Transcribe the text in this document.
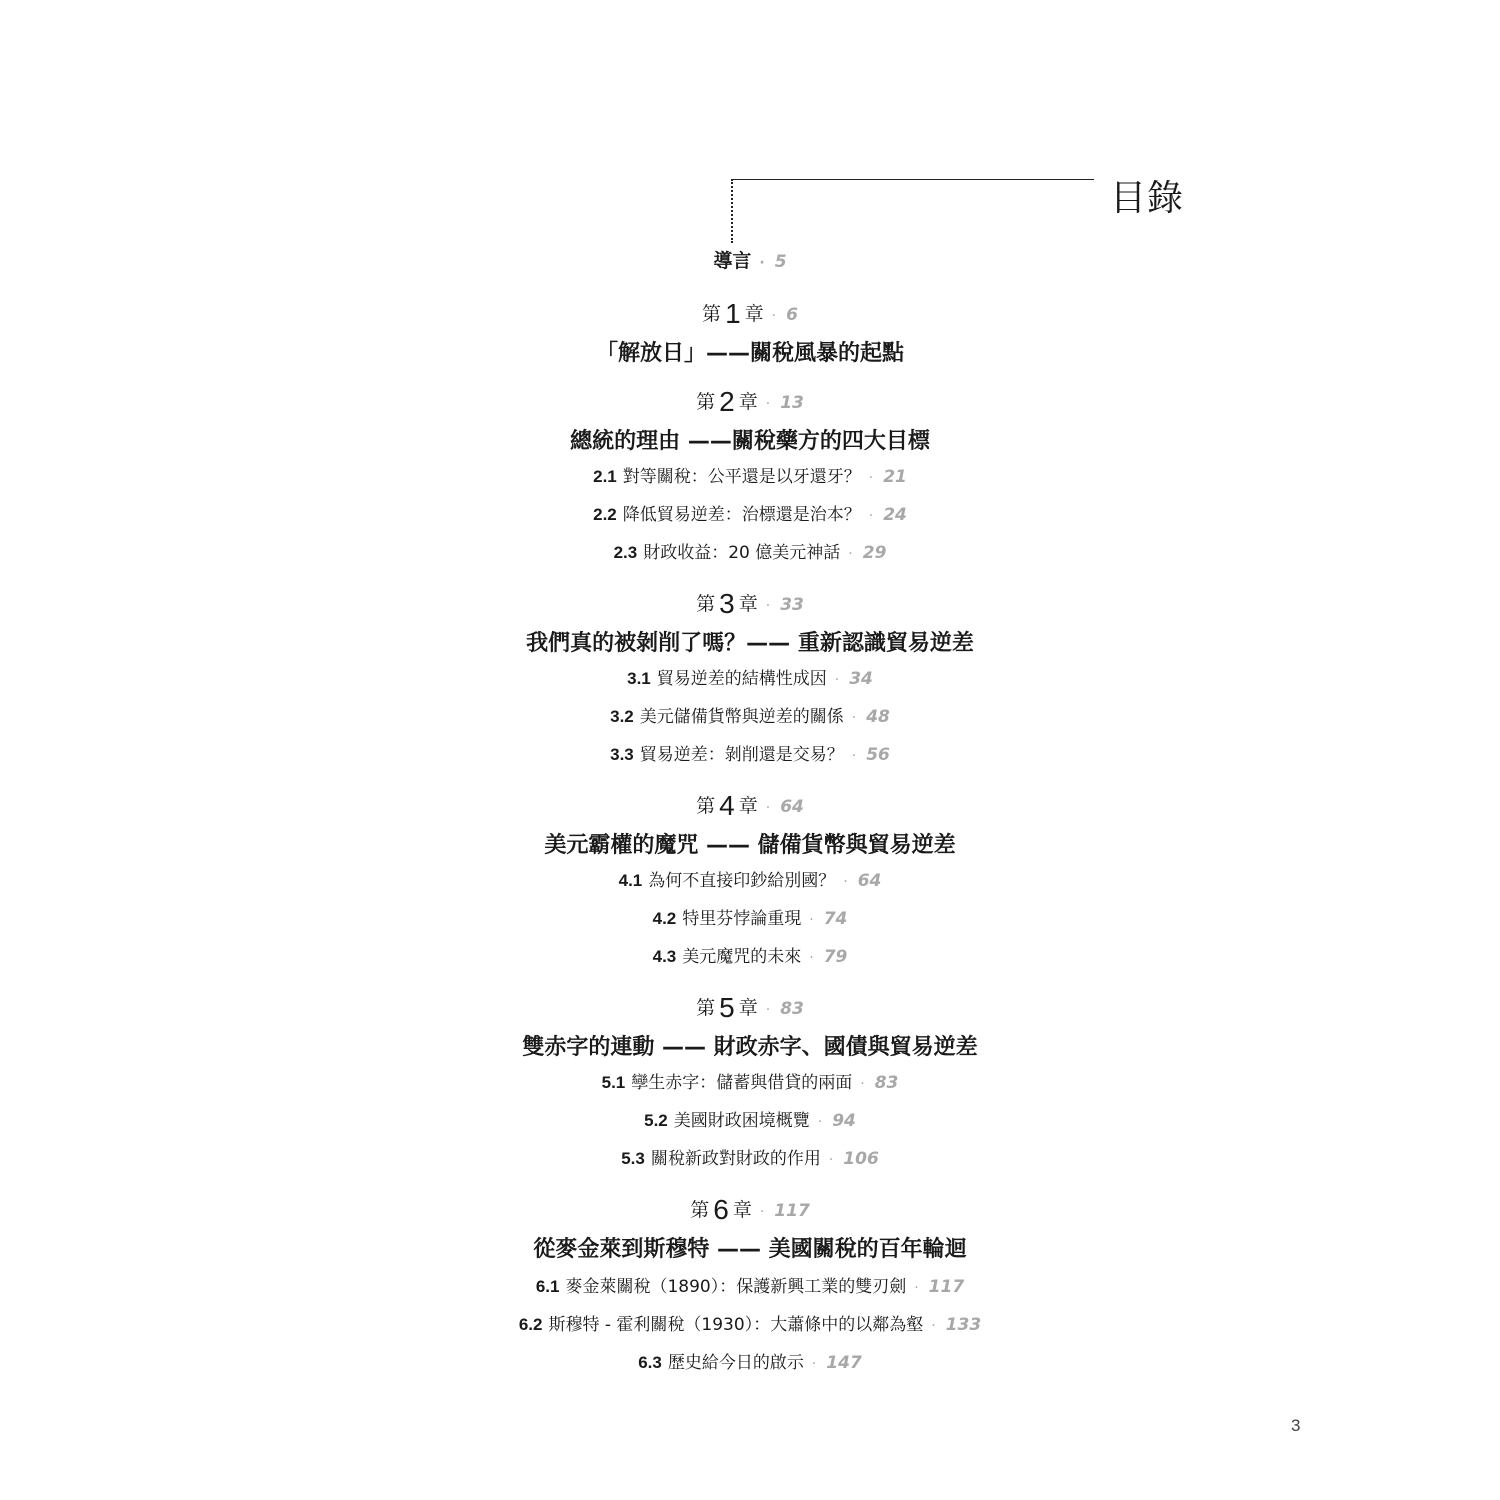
目錄
導言 · 5
第 1 章 · 6
「解放日」——關稅風暴的起點
第 2 章 · 13
總統的理由 ——關稅藥方的四大目標
2.1 對等關稅：公平還是以牙還牙？ · 21
2.2 降低貿易逆差：治標還是治本？ · 24
2.3 財政收益：20 億美元神話 · 29
第 3 章 · 33
我們真的被剝削了嗎？—— 重新認識貿易逆差
3.1 貿易逆差的結構性成因 · 34
3.2 美元儲備貨幣與逆差的關係 · 48
3.3 貿易逆差：剝削還是交易？ · 56
第 4 章 · 64
美元霸權的魔咒 —— 儲備貨幣與貿易逆差
4.1 為何不直接印鈔給別國？ · 64
4.2 特里芬悖論重現 · 74
4.3 美元魔咒的未來 · 79
第 5 章 · 83
雙赤字的連動 —— 財政赤字、國債與貿易逆差
5.1 孿生赤字：儲蓄與借貸的兩面 · 83
5.2 美國財政困境概覽 · 94
5.3 關稅新政對財政的作用 · 106
第 6 章 · 117
從麥金萊到斯穆特 —— 美國關稅的百年輪迴
6.1 麥金萊關稅（1890）：保護新興工業的雙刃劍 · 117
6.2 斯穆特 - 霍利關稅（1930）：大蕭條中的以鄰為壑 · 133
6.3 歷史給今日的啟示 · 147
3
